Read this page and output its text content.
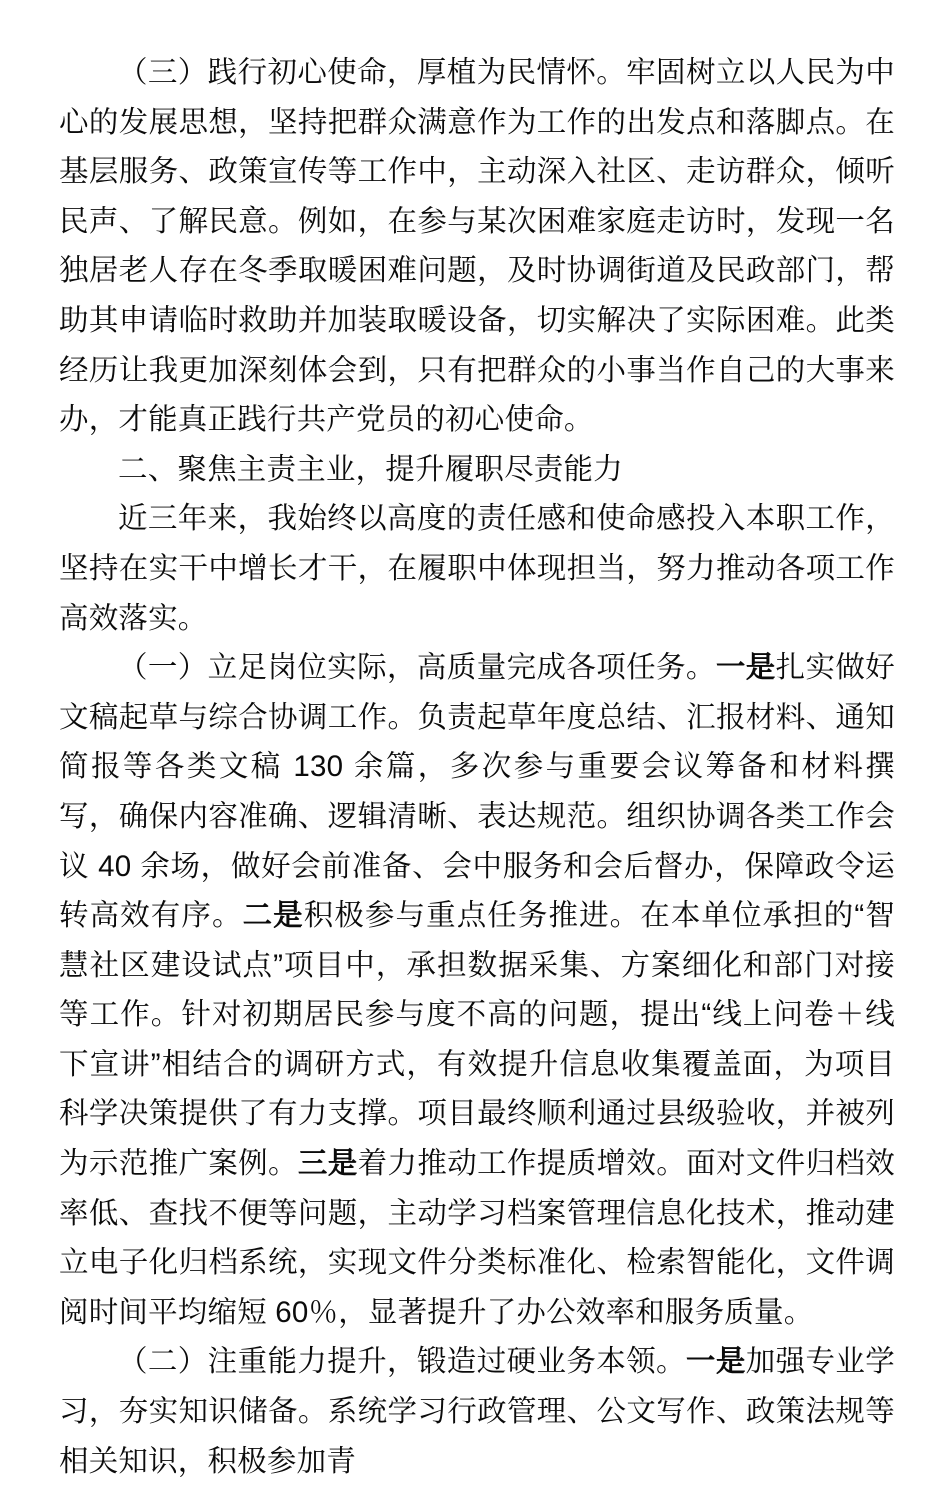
（三）践行初心使命，厚植为民情怀。牢固树立以人民为中心的发展思想，坚持把群众满意作为工作的出发点和落脚点。在基层服务、政策宣传等工作中，主动深入社区、走访群众，倾听民声、了解民意。例如，在参与某次困难家庭走访时，发现一名独居老人存在冬季取暖困难问题，及时协调街道及民政部门，帮助其申请临时救助并加装取暖设备，切实解决了实际困难。此类经历让我更加深刻体会到，只有把群众的小事当作自己的大事来办，才能真正践行共产党员的初心使命。

二、聚焦主责主业，提升履职尽责能力

近三年来，我始终以高度的责任感和使命感投入本职工作，坚持在实干中增长才干，在履职中体现担当，努力推动各项工作高效落实。

（一）立足岗位实际，高质量完成各项任务。一是扎实做好文稿起草与综合协调工作。负责起草年度总结、汇报材料、通知简报等各类文稿 130 余篇，多次参与重要会议筹备和材料撰写，确保内容准确、逻辑清晰、表达规范。组织协调各类工作会议 40 余场，做好会前准备、会中服务和会后督办，保障政令运转高效有序。二是积极参与重点任务推进。在本单位承担的“智慧社区建设试点”项目中，承担数据采集、方案细化和部门对接等工作。针对初期居民参与度不高的问题，提出“线上问卷＋线下宣讲”相结合的调研方式，有效提升信息收集覆盖面，为项目科学决策提供了有力支撑。项目最终顺利通过县级验收，并被列为示范推广案例。三是着力推动工作提质增效。面对文件归档效率低、查找不便等问题，主动学习档案管理信息化技术，推动建立电子化归档系统，实现文件分类标准化、检索智能化，文件调阅时间平均缩短 60％，显著提升了办公效率和服务质量。

（二）注重能力提升，锻造过硬业务本领。一是加强专业学习，夯实知识储备。系统学习行政管理、公文写作、政策法规等相关知识，积极参加青
